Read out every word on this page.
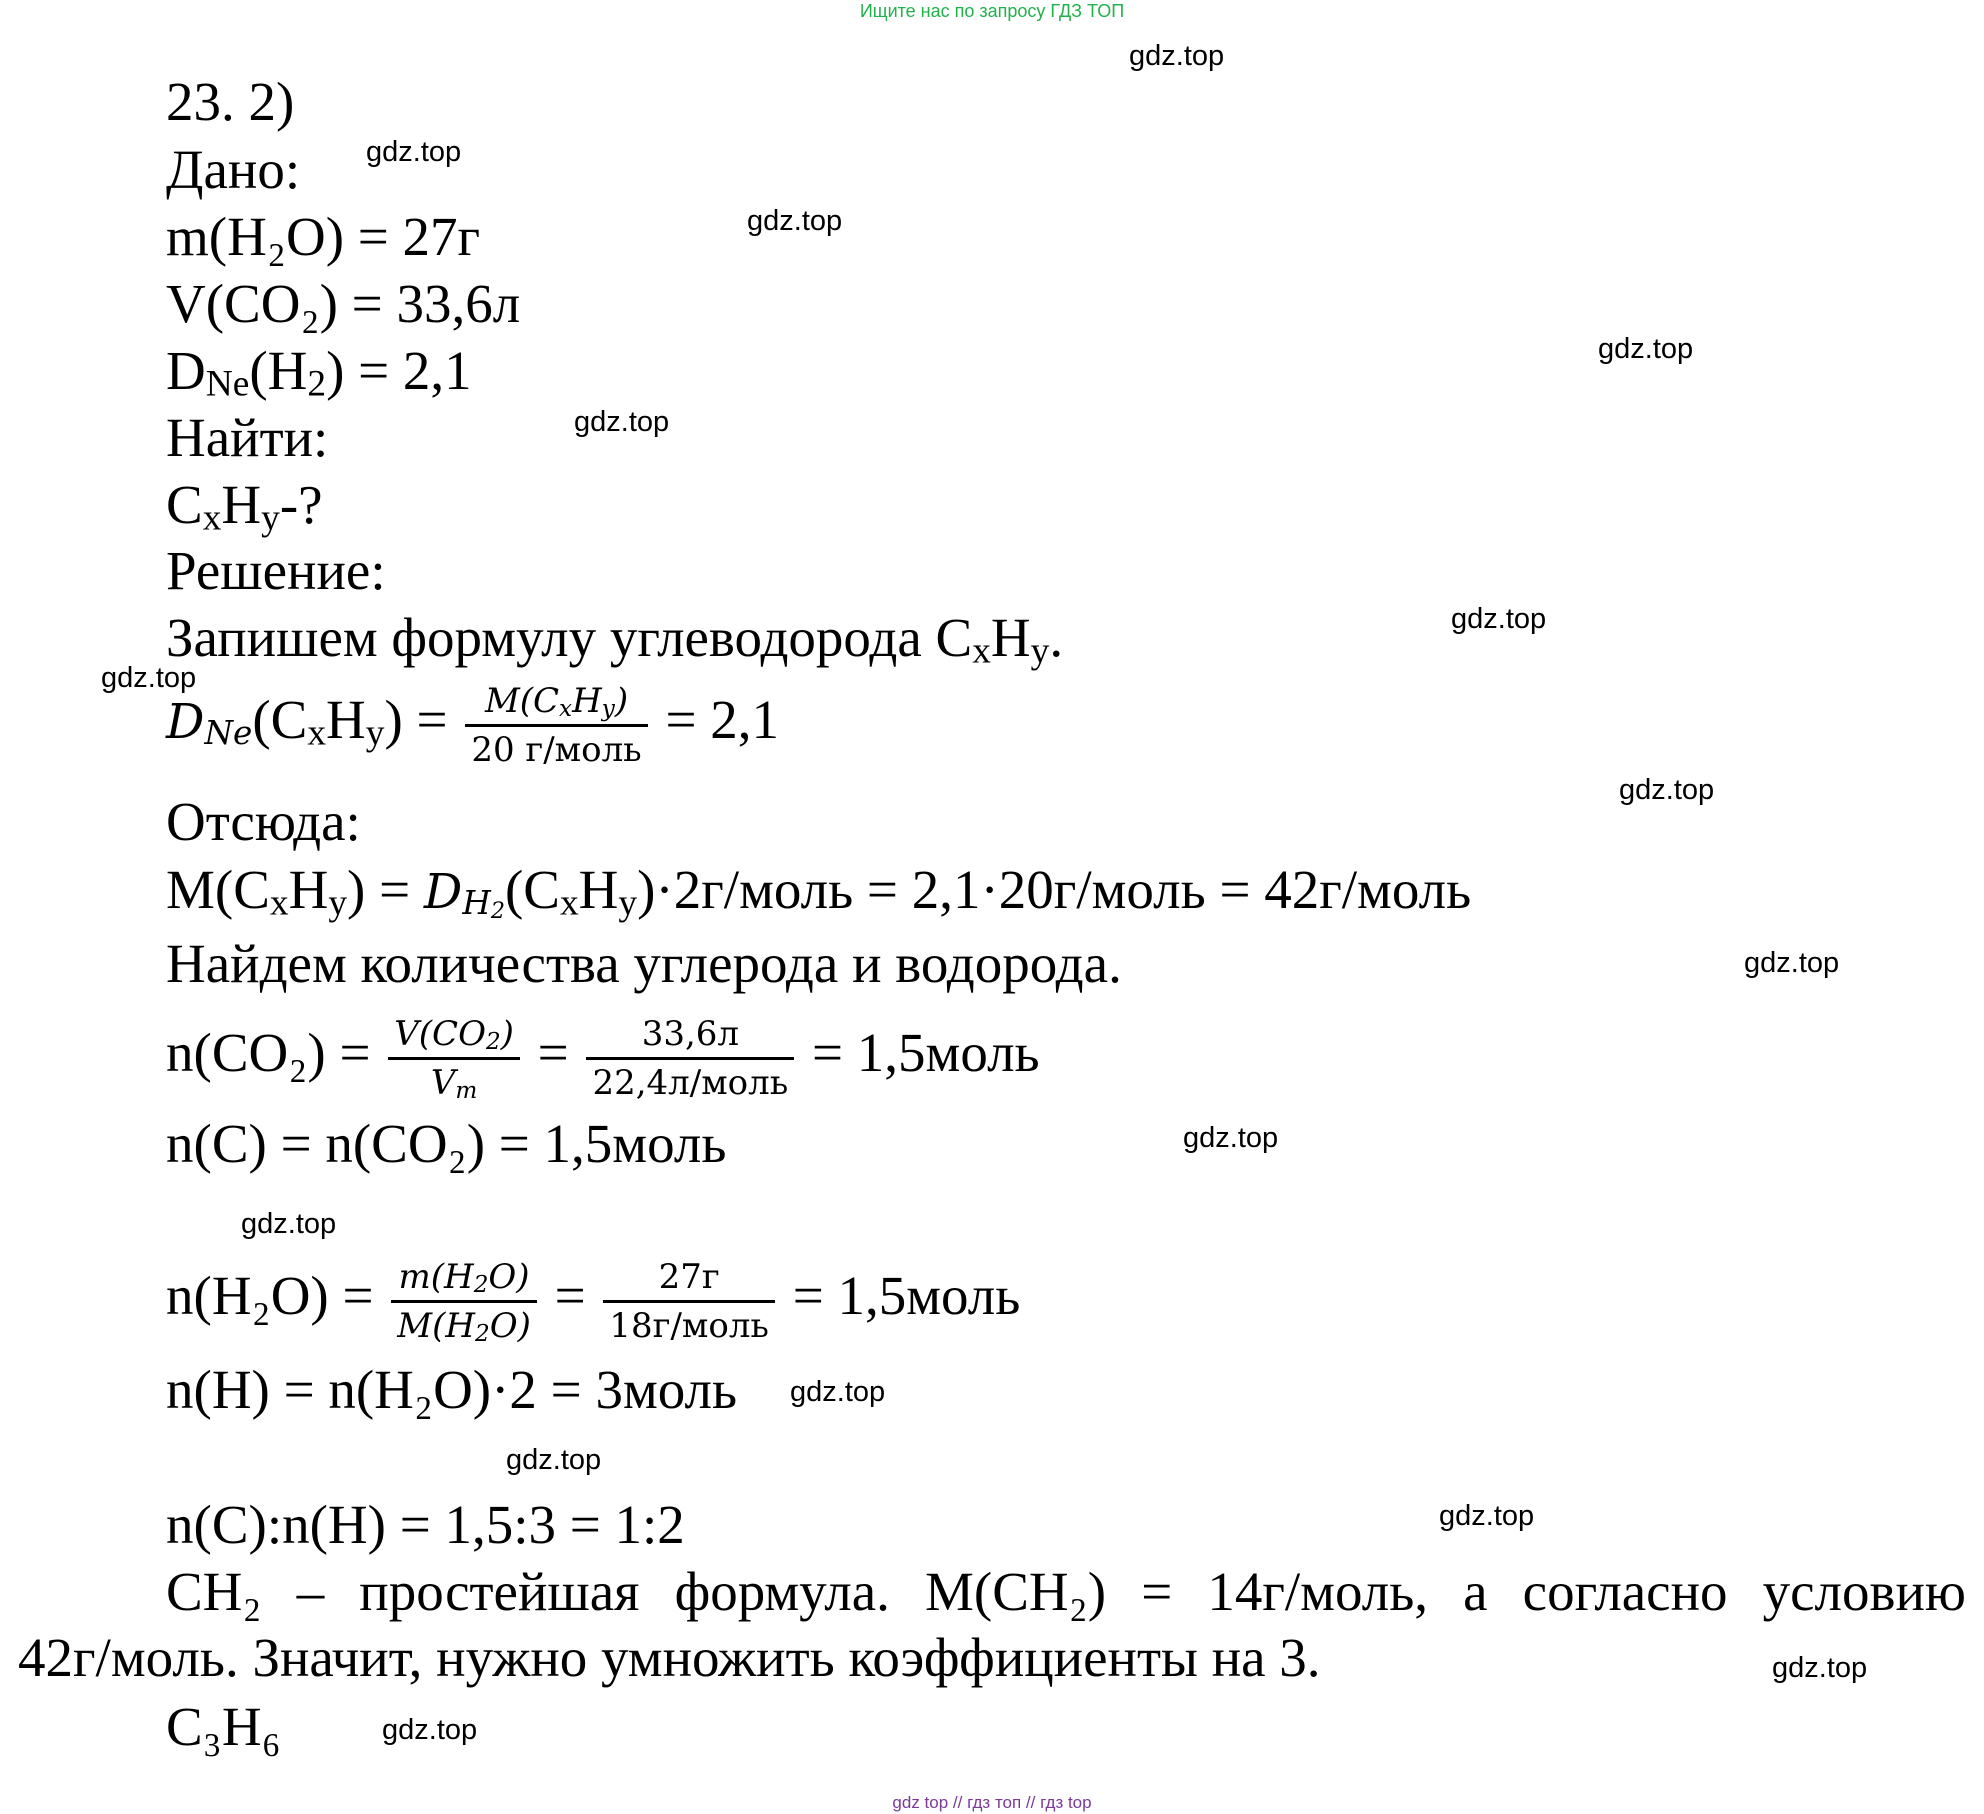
Ищите нас по запросу ГДЗ ТОП
gdz.top
gdz.top
gdz.top
gdz.top
gdz.top
gdz.top
gdz.top
gdz.top
gdz.top
gdz.top
gdz.top
gdz.top
gdz.top
gdz.top
gdz.top
gdz.top
23. 2)
Дано:
m(H₂O) = 27г
V(CO₂) = 33,6л
$D_{Ne}(H_2) = 2,1$
Найти:
$C_xH_y-$?
Решение:
Запишем формулу углеводорода $C_xH_y$.
$D_{Ne}(C_xH_y) = \frac{M(C_xH_y)}{\text{20 г/моль}} = 2,1$
Отсюда:
$M(C_xH_y)$ = $D_{H_2}(C_xH_y)\cdot 2г$/моль = 2,1·20г/моль = 42г/моль
Найдем количества углерода и водорода.
$n(CO_2) = \frac{V(CO_2)}{V_m} = \frac{33,6л}{\text{22,4л/моль}}$ = 1,5моль
n(C) = n(CO₂) = 1,5моль
$n(H_2O) = \frac{m(H_2O)}{M(H_2O)} = \frac{27г}{\text{18г/моль}}$ = 1,5моль
n(H) = n(H₂O)·2 = 3моль
n(C):n(H) = 1,5:3 = 1:2
CH₂ – простейшая формула. M(CH₂) = 14г/моль, а согласно условию
42г/моль. Значит, нужно умножить коэффициенты на 3.
C₃H₆
gdz top // гдз топ // гдз top
